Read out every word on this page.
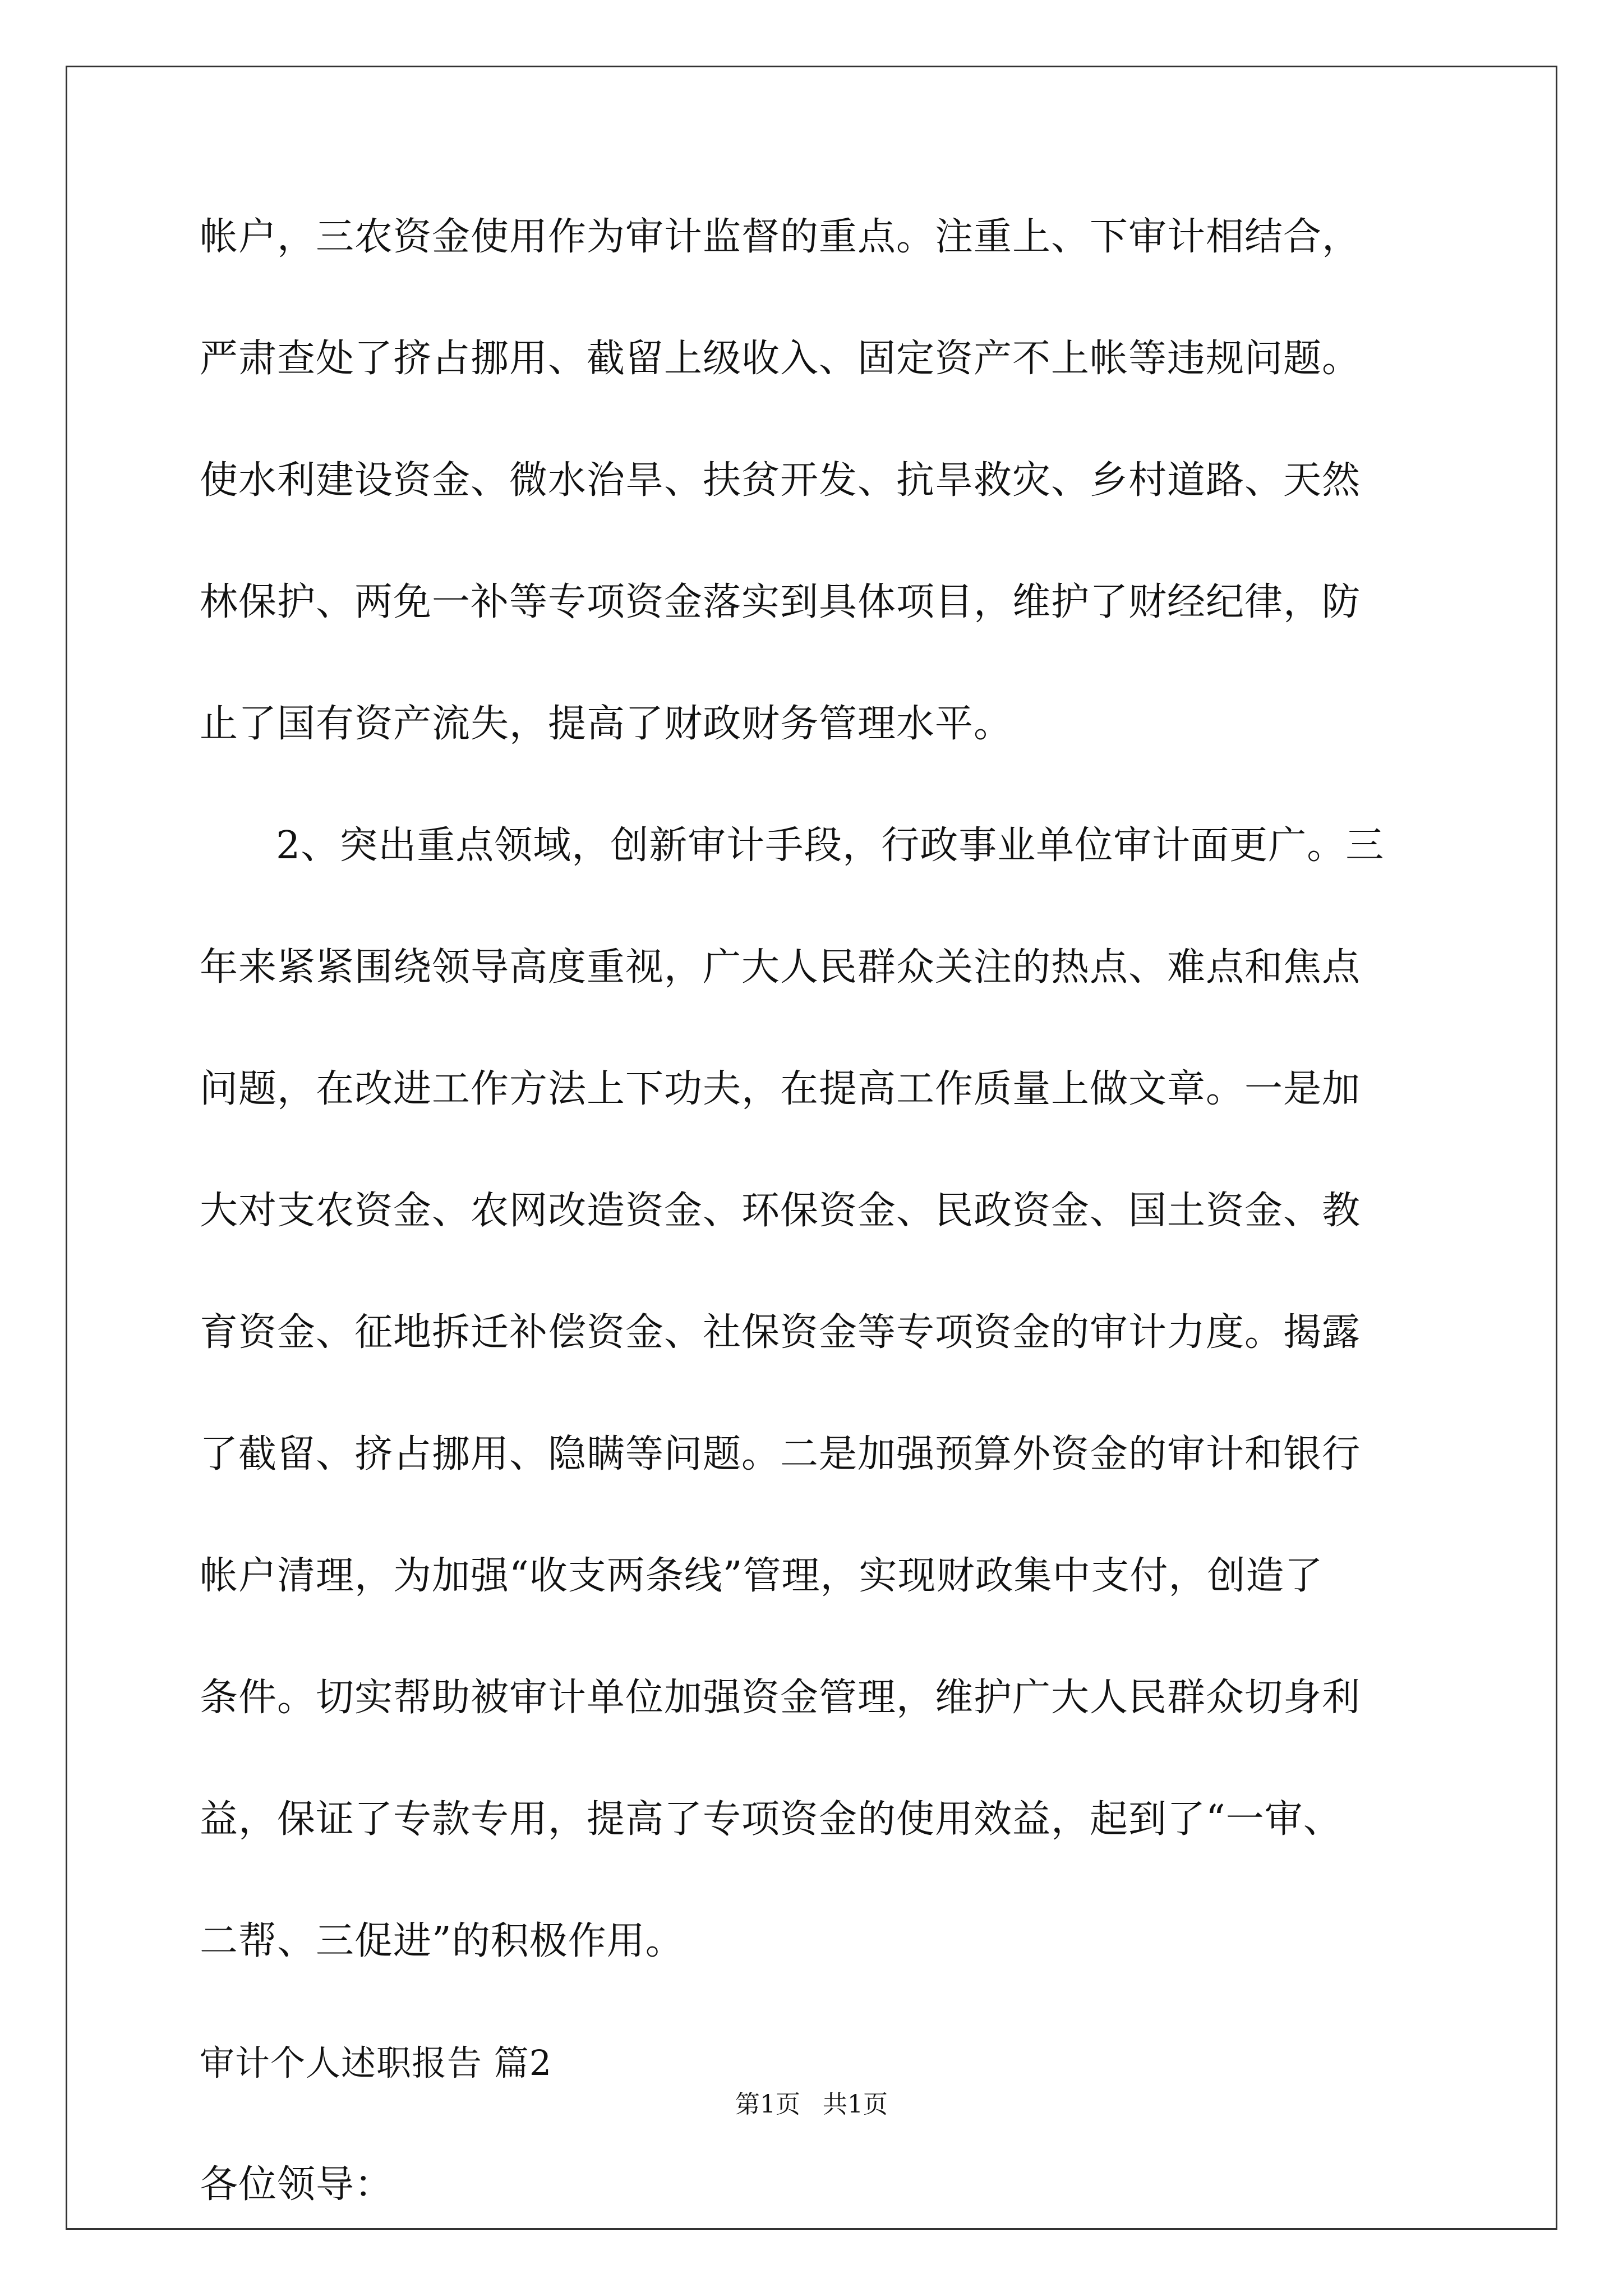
帐户，三农资金使用作为审计监督的重点。注重上、下审计相结合，
严肃查处了挤占挪用、截留上级收入、固定资产不上帐等违规问题。
使水利建设资金、微水治旱、扶贫开发、抗旱救灾、乡村道路、天然
林保护、两免一补等专项资金落实到具体项目，维护了财经纪律，防
止了国有资产流失，提高了财政财务管理水平。
2、突出重点领域，创新审计手段，行政事业单位审计面更广。三
年来紧紧围绕领导高度重视，广大人民群众关注的热点、难点和焦点
问题，在改进工作方法上下功夫，在提高工作质量上做文章。一是加
大对支农资金、农网改造资金、环保资金、民政资金、国土资金、教
育资金、征地拆迁补偿资金、社保资金等专项资金的审计力度。揭露
了截留、挤占挪用、隐瞒等问题。二是加强预算外资金的审计和银行
帐户清理，为加强“收支两条线”管理，实现财政集中支付，创造了
条件。切实帮助被审计单位加强资金管理，维护广大人民群众切身利
益，保证了专款专用，提高了专项资金的使用效益，起到了“一审、
二帮、三促进”的积极作用。
审计个人述职报告 篇2
各位领导：
第1页 共1页
